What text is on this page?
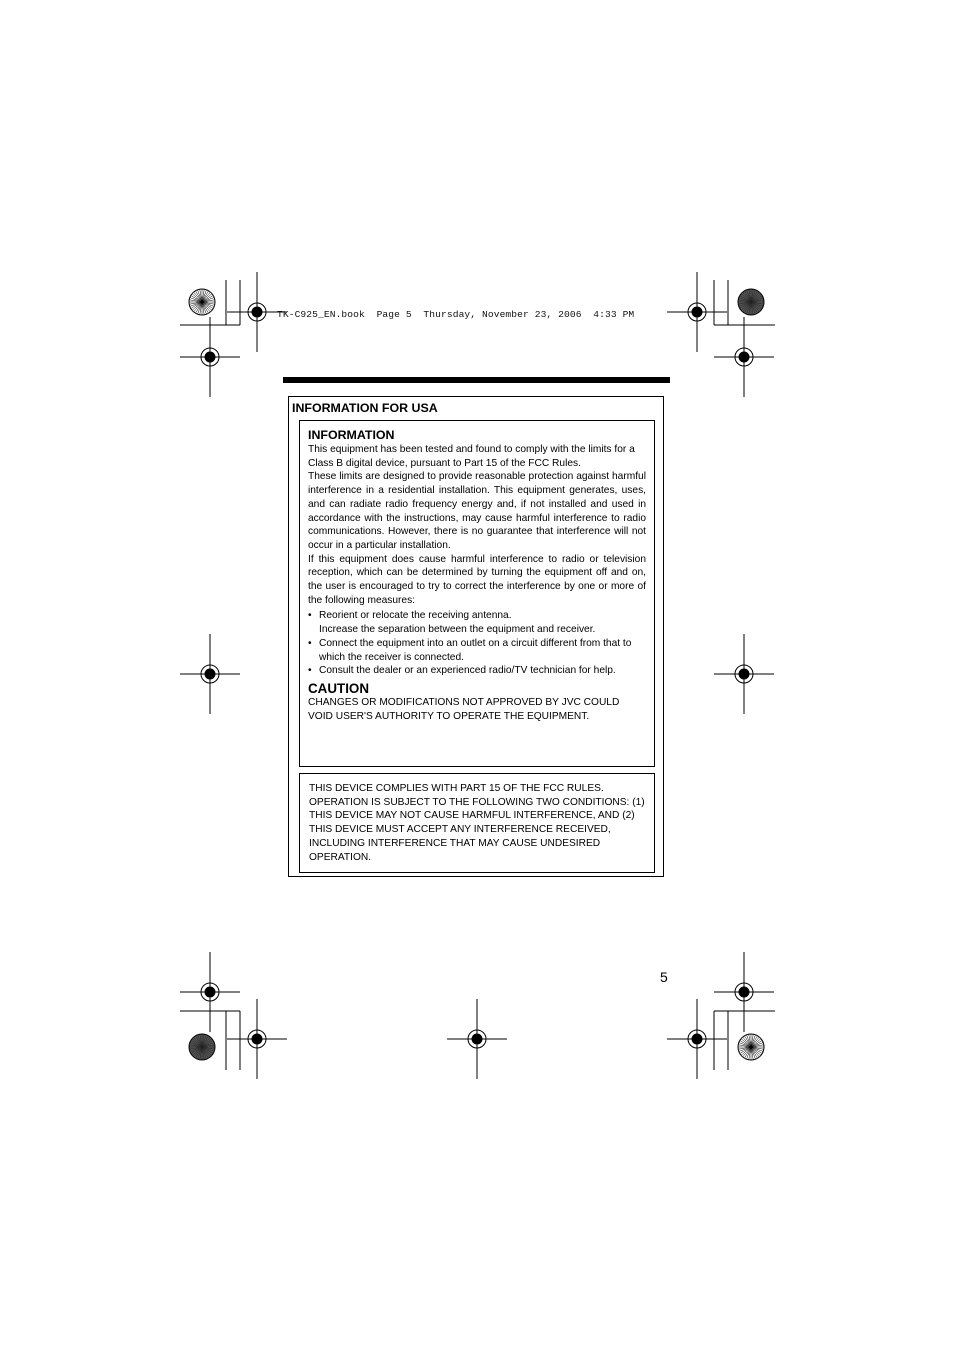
TK-C925_EN.book  Page 5  Thursday, November 23, 2006  4:33 PM
INFORMATION FOR USA
INFORMATION

This equipment has been tested and found to comply with the limits for a Class B digital device, pursuant to Part 15 of the FCC Rules.

These limits are designed to provide reasonable protection against harmful interference in a residential installation. This equipment generates, uses, and can radiate radio frequency energy and, if not installed and used in accordance with the instructions, may cause harmful interference to radio communications. However, there is no guarantee that interference will not occur in a particular installation.

If this equipment does cause harmful interference to radio or television reception, which can be determined by turning the equipment off and on, the user is encouraged to try to correct the interference by one or more of the following measures:

• Reorient or relocate the receiving antenna.
Increase the separation between the equipment and receiver.
• Connect the equipment into an outlet on a circuit different from that to which the receiver is connected.
• Consult the dealer or an experienced radio/TV technician for help.
CAUTION

CHANGES OR MODIFICATIONS NOT APPROVED BY JVC COULD VOID USER'S AUTHORITY TO OPERATE THE EQUIPMENT.

THIS DEVICE COMPLIES WITH PART 15 OF THE FCC RULES. OPERATION IS SUBJECT TO THE FOLLOWING TWO CONDITIONS: (1) THIS DEVICE MAY NOT CAUSE HARMFUL INTERFERENCE, AND (2) THIS DEVICE MUST ACCEPT ANY INTERFERENCE RECEIVED, INCLUDING INTERFERENCE THAT MAY CAUSE UNDESIRED OPERATION.

5
